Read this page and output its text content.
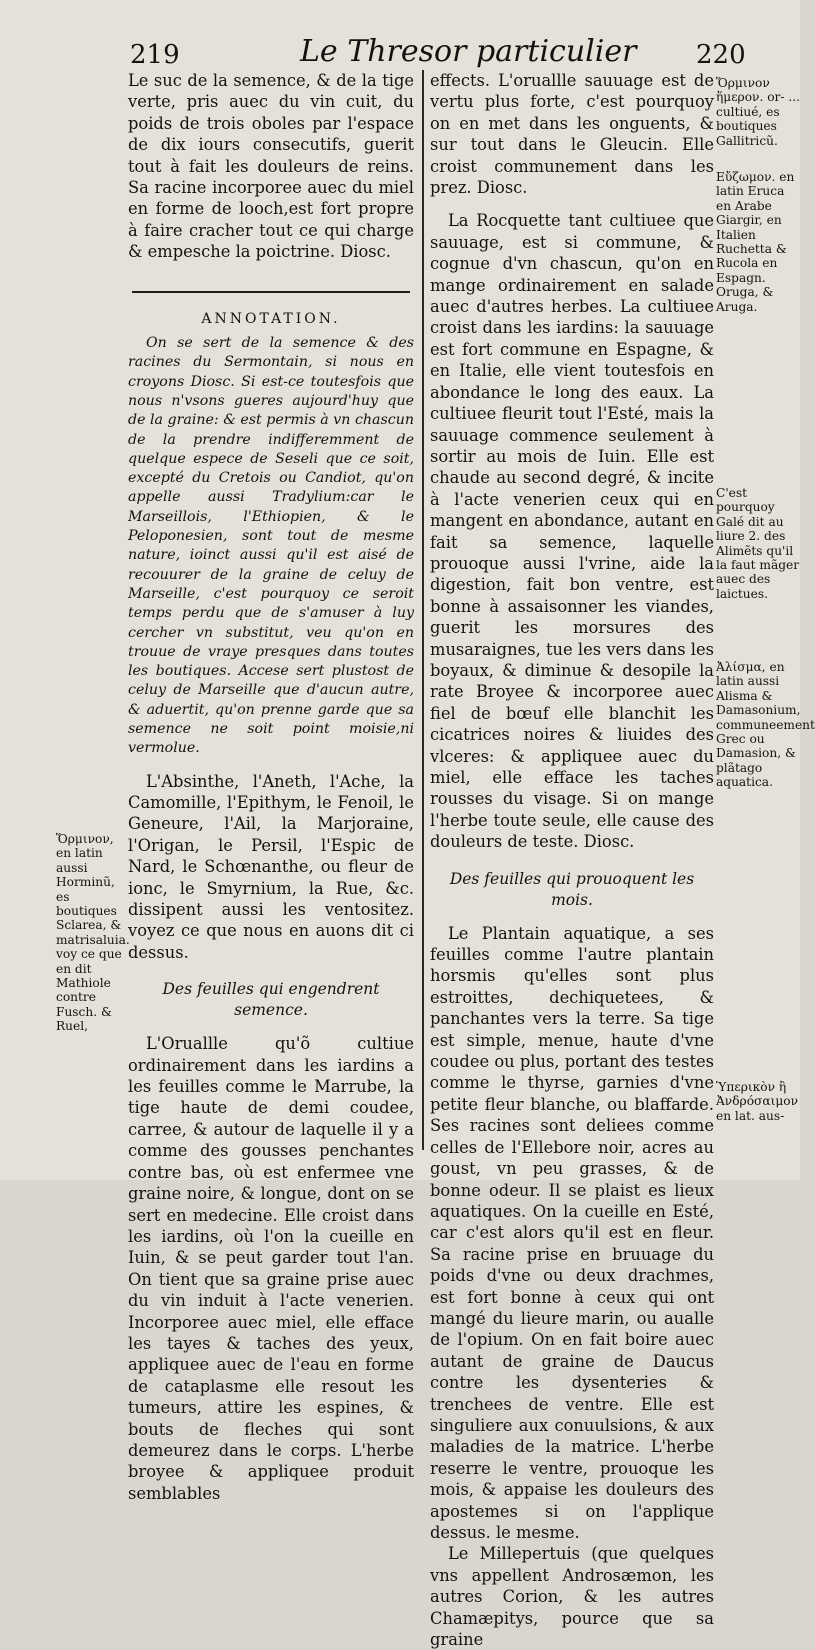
219	Le Thresor particulier 220

Le suc de la semence, & de la tige verte, pris auec du vin cuit, du poids de trois oboles par l'espace de dix iours consecutifs, guerit tout à fait les douleurs de reins. Sa racine incorporee auec du miel en forme de looch,est fort propre à faire cracher tout ce qui charge & empesche la poictrine. Diosc.

ANNOTATION.

On se sert de la semence & des racines du Sermontain, si nous en croyons Diosc. Si est-ce toutesfois que nous n'vsons gueres aujourd'huy que de la graine: & est permis à vn chascun de la prendre indifferemment de quelque espece de Seseli que ce soit, excepté du Cretois ou Candiot, qu'on appelle aussi Tradylium:car le Marseillois, l'Ethiopien, & le Peloponesien, sont tout de mesme nature, ioinct aussi qu'il est aisé de recouurer de la graine de celuy de Marseille, c'est pourquoy ce seroit temps perdu que de s'amuser à luy cercher vn substitut, veu qu'on en trouue de vraye presques dans toutes les boutiques. Accese sert plustost de celuy de Marseille que d'aucun autre, & aduertit, qu'on prenne garde que sa semence ne soit point moisie,ni vermolue.

L'Absinthe, l'Aneth, l'Ache, la Camomille, l'Epithym, le Fenoil, le Geneure, l'Ail, la Marjoraine, l'Origan, le Persil, l'Espic de Nard, le Schœnanthe, ou fleur de ionc, le Smyrnium, la Rue, &c. dissipent aussi les ventositez. voyez ce que nous en auons dit ci dessus.

Des feuilles qui engendrent semence.

L'Oruallle qu'õ cultiue ordinairement dans les iardins a les feuilles comme le Marrube, la tige haute de demi coudee, carree, & autour de laquelle il y a comme des gousses penchantes contre bas, où est enfermee vne graine noire, & longue, dont on se sert en medecine. Elle croist dans les iardins, où l'on la cueille en Iuin, & se peut garder tout l'an. On tient que sa graine prise auec du vin induit à l'acte venerien. Incorporee auec miel, elle efface les tayes & taches des yeux, appliquee auec de l'eau en forme de cataplasme elle resout les tumeurs, attire les espines, & bouts de fleches qui sont demeurez dans le corps. L'herbe broyee & appliquee produit semblables

effects. L'oruallle sauuage est de vertu plus forte, c'est pourquoy on en met dans les onguents, & sur tout dans le Gleucin. Elle croist communement dans les prez. Diosc.

La Rocquette tant cultiuee que sauuage, est si commune, & cognue d'vn chascun, qu'on en mange ordinairement en salade auec d'autres herbes. La cultiuee croist dans les iardins: la sauuage est fort commune en Espagne, & en Italie, elle vient toutesfois en abondance le long des eaux. La cultiuee fleurit tout l'Esté, mais la sauuage commence seulement à sortir au mois de Iuin. Elle est chaude au second degré, & incite à l'acte venerien ceux qui en mangent en abondance, autant en fait sa semence, laquelle prouoque aussi l'vrine, aide la digestion, fait bon ventre, est bonne à assaisonner les viandes, guerit les morsures des musaraignes, tue les vers dans les boyaux, & diminue & desopile la rate Broyee & incorporee auec fiel de bœuf elle blanchit les cicatrices noires & liuides des vlceres: & appliquee auec du miel, elle efface les taches rousses du visage. Si on mange l'herbe toute seule, elle cause des douleurs de teste. Diosc.

Des feuilles qui prouoquent les mois.

Le Plantain aquatique, a ses feuilles comme l'autre plantain horsmis qu'elles sont plus estroittes, dechiquetees, & panchantes vers la terre. Sa tige est simple, menue, haute d'vne coudee ou plus, portant des testes comme le thyrse, garnies d'vne petite fleur blanche, ou blaffarde. Ses racines sont deliees comme celles de l'Ellebore noir, acres au goust, vn peu grasses, & de bonne odeur. Il se plaist es lieux aquatiques. On la cueille en Esté, car c'est alors qu'il est en fleur. Sa racine prise en bruuage du poids d'vne ou deux drachmes, est fort bonne à ceux qui ont mangé du lieure marin, ou aualle de l'opium. On en fait boire auec autant de graine de Daucus contre les dysenteries & trenchees de ventre. Elle est singuliere aux conuulsions, & aux maladies de la matrice. L'herbe reserre le ventre, prouoque les mois, & appaise les douleurs des apostemes si on l'applique dessus. le mesme.

Le Millepertuis (que quelques vns appellent Androsæmon, les autres Corion, & les autres Chamæpitys, pource que sa graine

Ὅρμινον ἥμερον. or- ... cultiué, es boutiques Gallitricũ.
Εὔζωμον. en latin Eruca en Arabe Giargir, en Italien Ruchetta & Rucola en Espagn. Oruga, & Aruga.
C'est pourquoy Galé dit au liure 2. des Alimẽts qu'il la faut mãger auec des laictues.
Ἀλίσμα, en latin aussi Alisma & Damasonium, communeement Grec ou Damasion, & plãtago aquatica.
Ὑπερικὸν ἢ Ἀνδρόσαιμον en lat. aus-
Ὅρμινον, en latin aussi Horminũ, es boutiques Sclarea, & matrisaluia. voy ce que en dit Mathiole contre Fusch. & Ruel,
